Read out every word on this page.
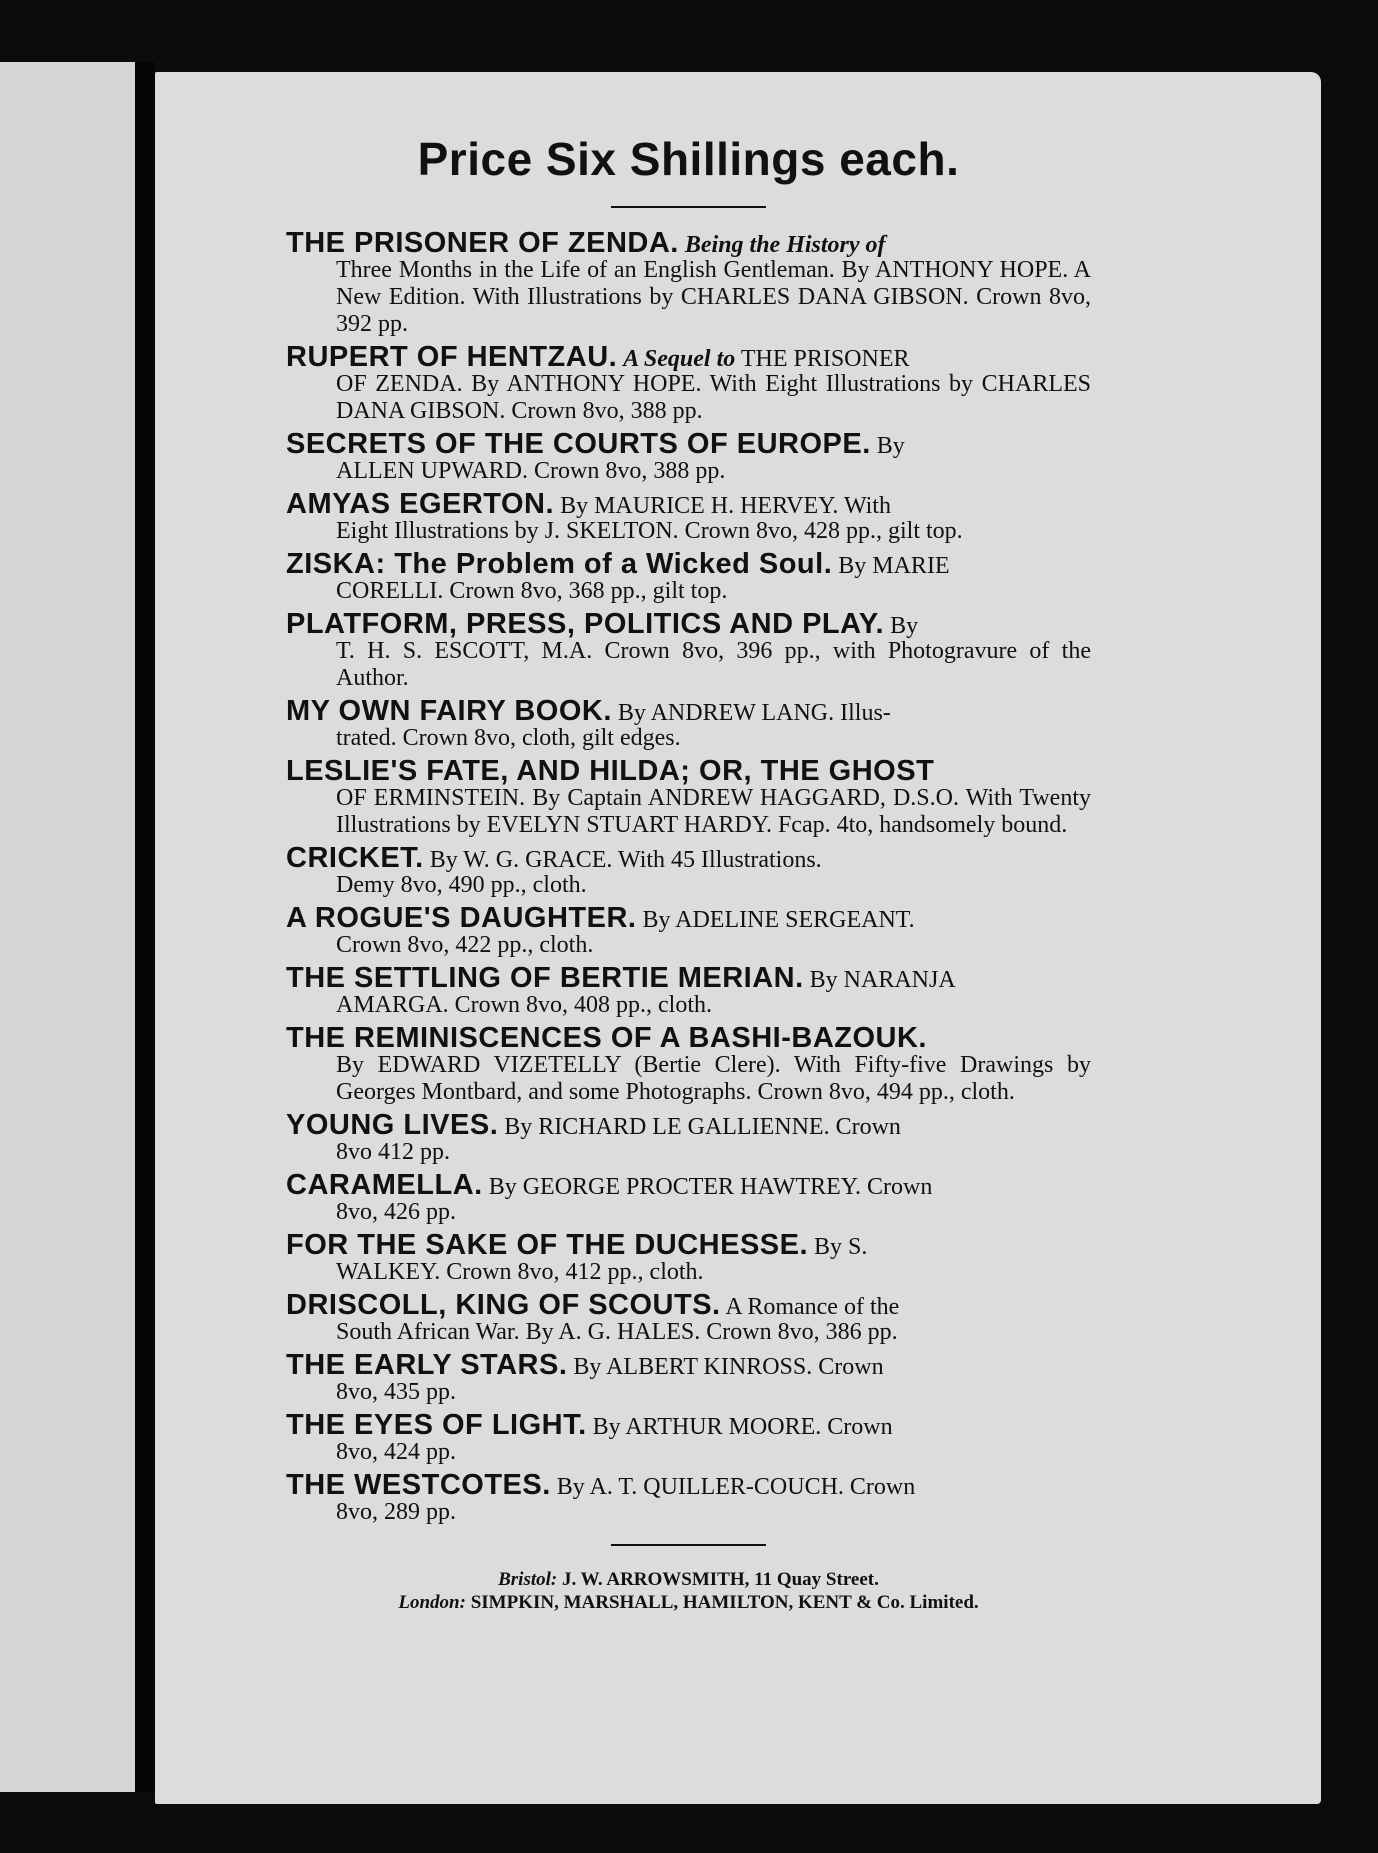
Price Six Shillings each.

THE PRISONER OF ZENDA. Being the History of
Three Months in the Life of an English Gentleman. By ANTHONY HOPE. A New Edition. With Illustrations by CHARLES DANA GIBSON. Crown 8vo, 392 pp.

RUPERT OF HENTZAU. A Sequel to THE PRISONER
OF ZENDA. By ANTHONY HOPE. With Eight Illustrations by CHARLES DANA GIBSON. Crown 8vo, 388 pp.

SECRETS OF THE COURTS OF EUROPE. By
ALLEN UPWARD. Crown 8vo, 388 pp.

AMYAS EGERTON. By MAURICE H. HERVEY. With
Eight Illustrations by J. SKELTON. Crown 8vo, 428 pp., gilt top.

ZISKA: The Problem of a Wicked Soul. By MARIE
CORELLI. Crown 8vo, 368 pp., gilt top.

PLATFORM, PRESS, POLITICS AND PLAY. By
T. H. S. ESCOTT, M.A. Crown 8vo, 396 pp., with Photogravure of the Author.

MY OWN FAIRY BOOK. By ANDREW LANG. Illus-
trated. Crown 8vo, cloth, gilt edges.

LESLIE'S FATE, AND HILDA; OR, THE GHOST
OF ERMINSTEIN. By Captain ANDREW HAGGARD, D.S.O. With Twenty Illustrations by EVELYN STUART HARDY. Fcap. 4to, handsomely bound.

CRICKET. By W. G. GRACE. With 45 Illustrations.
Demy 8vo, 490 pp., cloth.

A ROGUE'S DAUGHTER. By ADELINE SERGEANT.
Crown 8vo, 422 pp., cloth.

THE SETTLING OF BERTIE MERIAN. By NARANJA
AMARGA. Crown 8vo, 408 pp., cloth.

THE REMINISCENCES OF A BASHI-BAZOUK.
By EDWARD VIZETELLY (Bertie Clere). With Fifty-five Drawings by Georges Montbard, and some Photographs. Crown 8vo, 494 pp., cloth.

YOUNG LIVES. By RICHARD LE GALLIENNE. Crown
8vo 412 pp.

CARAMELLA. By GEORGE PROCTER HAWTREY. Crown
8vo, 426 pp.

FOR THE SAKE OF THE DUCHESSE. By S.
WALKEY. Crown 8vo, 412 pp., cloth.

DRISCOLL, KING OF SCOUTS. A Romance of the
South African War. By A. G. HALES. Crown 8vo, 386 pp.

THE EARLY STARS. By ALBERT KINROSS. Crown
8vo, 435 pp.

THE EYES OF LIGHT. By ARTHUR MOORE. Crown
8vo, 424 pp.

THE WESTCOTES. By A. T. QUILLER-COUCH. Crown
8vo, 289 pp.

Bristol: J. W. ARROWSMITH, 11 Quay Street.
London: SIMPKIN, MARSHALL, HAMILTON, KENT & Co. Limited.
